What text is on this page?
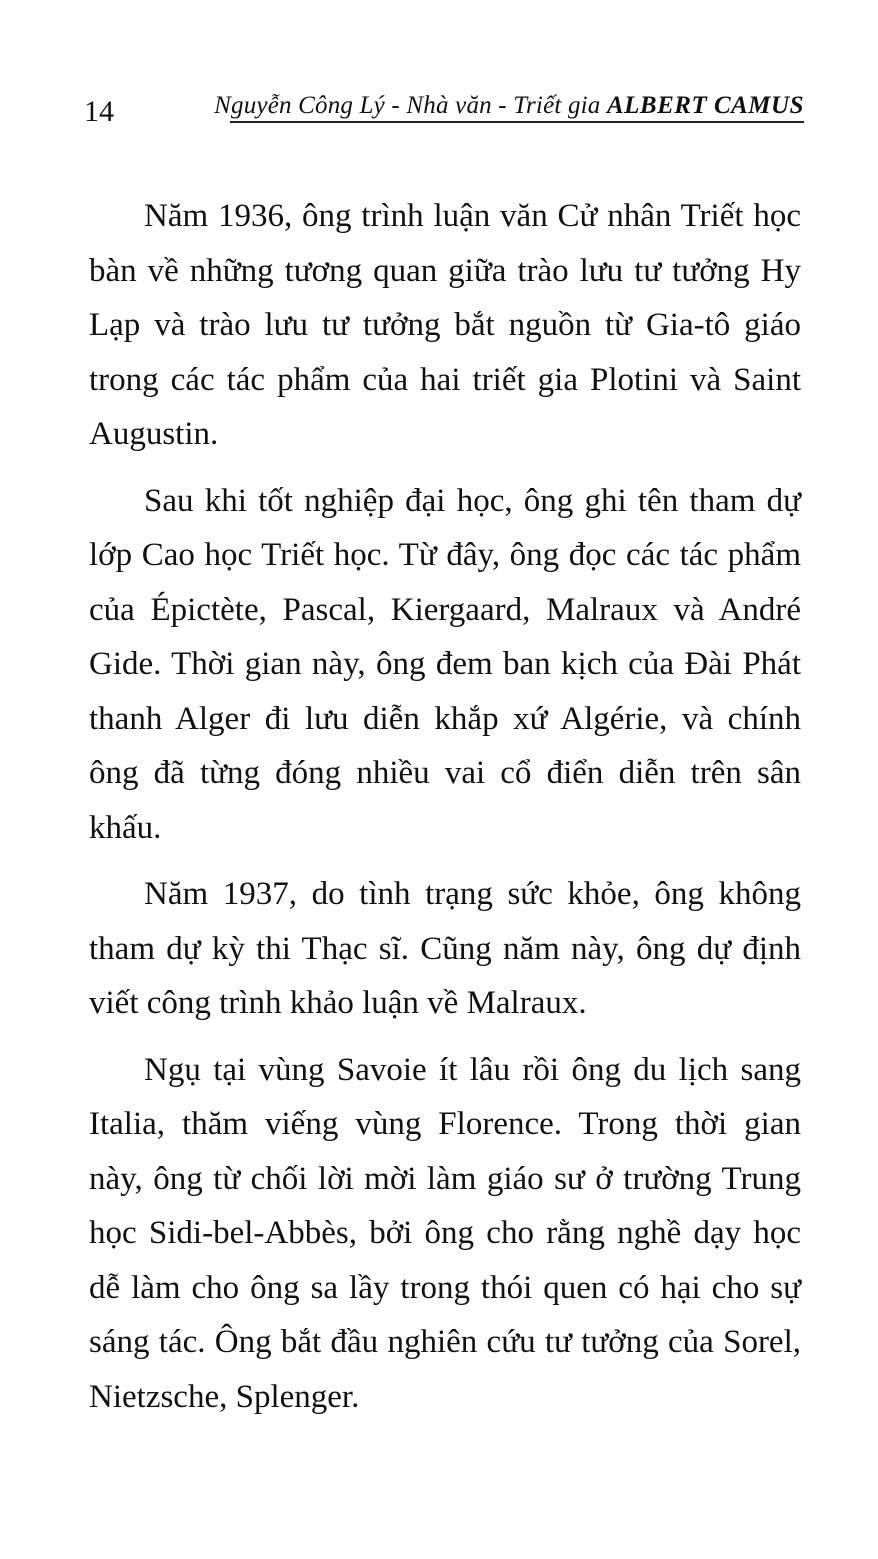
14	Nguyễn Công Lý - Nhà văn - Triết gia ALBERT CAMUS

Năm 1936, ông trình luận văn Cử nhân Triết học bàn về những tương quan giữa trào lưu tư tưởng Hy Lạp và trào lưu tư tưởng bắt nguồn từ Gia-tô giáo trong các tác phẩm của hai triết gia Plotini và Saint Augustin.

Sau khi tốt nghiệp đại học, ông ghi tên tham dự lớp Cao học Triết học. Từ đây, ông đọc các tác phẩm của Épictète, Pascal, Kiergaard, Malraux và André Gide. Thời gian này, ông đem ban kịch của Đài Phát thanh Alger đi lưu diễn khắp xứ Algérie, và chính ông đã từng đóng nhiều vai cổ điển diễn trên sân khấu.

Năm 1937, do tình trạng sức khỏe, ông không tham dự kỳ thi Thạc sĩ. Cũng năm này, ông dự định viết công trình khảo luận về Malraux.

Ngụ tại vùng Savoie ít lâu rồi ông du lịch sang Italia, thăm viếng vùng Florence. Trong thời gian này, ông từ chối lời mời làm giáo sư ở trường Trung học Sidi-bel-Abbès, bởi ông cho rằng nghề dạy học dễ làm cho ông sa lầy trong thói quen có hại cho sự sáng tác. Ông bắt đầu nghiên cứu tư tưởng của Sorel, Nietzsche, Splenger.
